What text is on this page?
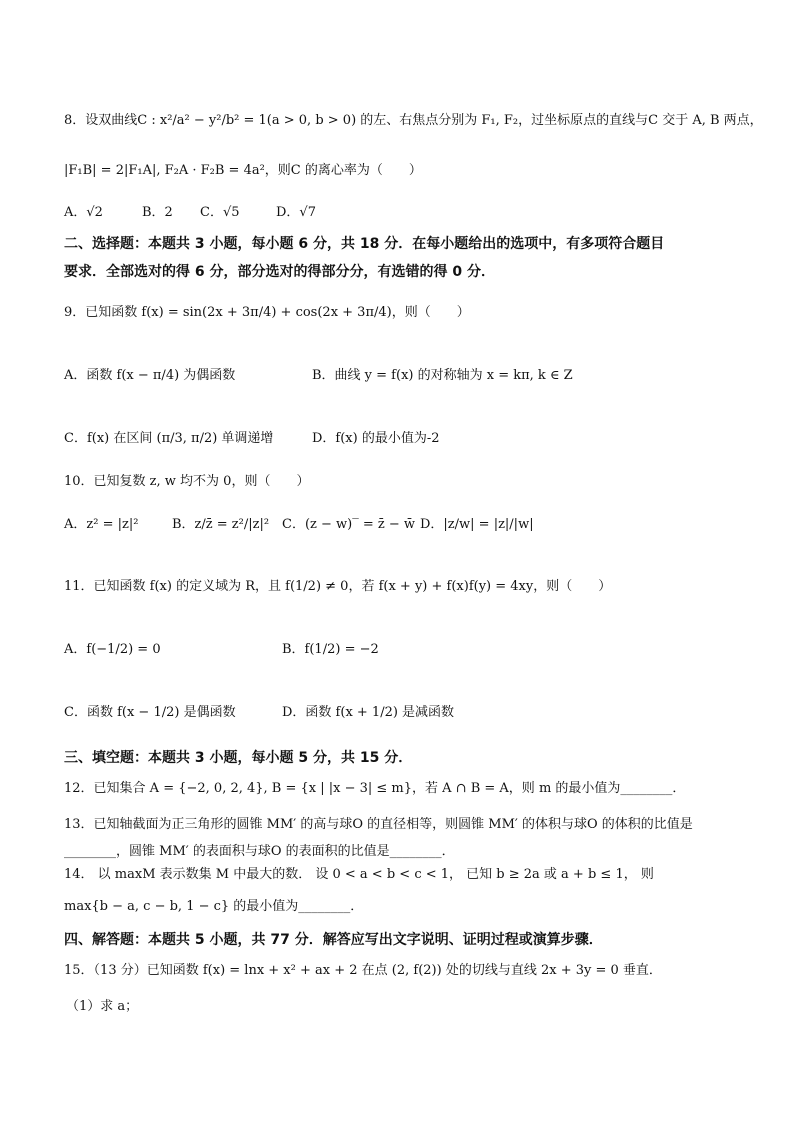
8．设双曲线C : x²/a² − y²/b² = 1(a > 0, b > 0) 的左、右焦点分别为 F₁, F₂，过坐标原点的直线与C 交于 A, B 两点，
|F₁B| = 2|F₁A|, F₂A · F₂B = 4a²，则C 的离心率为（　　）
A．√2	B．2 C．√5	D．√7
二、选择题：本题共 3 小题，每小题 6 分，共 18 分．在每小题给出的选项中，有多项符合题目
要求．全部选对的得 6 分，部分选对的得部分分，有选错的得 0 分．
9．已知函数 f(x) = sin(2x + 3π/4) + cos(2x + 3π/4)，则（　　）
A．函数 f(x − π/4) 为偶函数	B．曲线 y = f(x) 的对称轴为 x = kπ, k ∈ Z
C．f(x) 在区间 (π/3, π/2) 单调递增	D．f(x) 的最小值为-2
10．已知复数 z, w 均不为 0，则（　　）
A．z² = |z|²	B．z/z̄ = z²/|z|² C．(z − w)‾ = z̄ − w̄ D．|z/w| = |z|/|w|
11．已知函数 f(x) 的定义域为 R，且 f(1/2) ≠ 0，若 f(x + y) + f(x)f(y) = 4xy，则（　　）
A．f(−1/2) = 0	B．f(1/2) = −2
C．函数 f(x − 1/2) 是偶函数	D．函数 f(x + 1/2) 是减函数
三、填空题：本题共 3 小题，每小题 5 分，共 15 分．
12．已知集合 A = {−2, 0, 2, 4}, B = {x | |x − 3| ≤ m}，若 A ∩ B = A，则 m 的最小值为________．
13．已知轴截面为正三角形的圆锥 MM′ 的高与球O 的直径相等，则圆锥 MM′ 的体积与球O 的体积的比值是
________，圆锥 MM′ 的表面积与球O 的表面积的比值是________．
14． 以 maxM 表示数集 M 中最大的数． 设 0 < a < b < c < 1， 已知 b ≥ 2a 或 a + b ≤ 1， 则
max{b − a, c − b, 1 − c} 的最小值为________．
四、解答题：本题共 5 小题，共 77 分．解答应写出文字说明、证明过程或演算步骤．
15．（13 分）已知函数 f(x) = lnx + x² + ax + 2 在点 (2, f(2)) 处的切线与直线 2x + 3y = 0 垂直．
（1）求 a；
